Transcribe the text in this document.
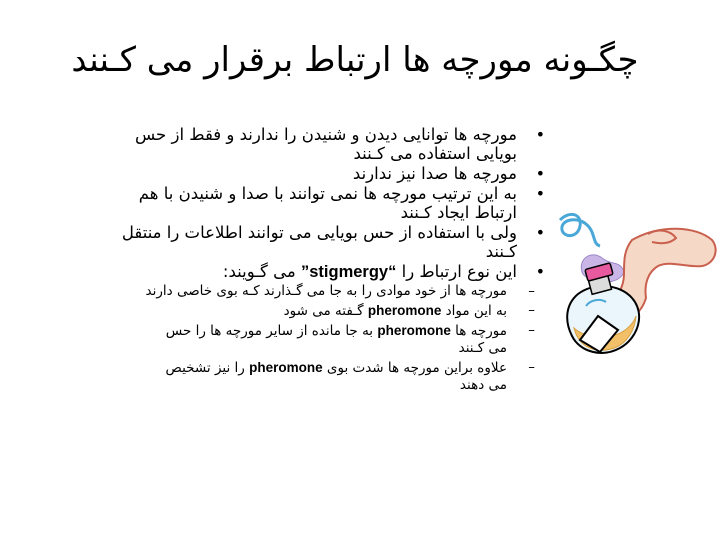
چگـونه مورچه ها ارتباط برقرار می کـنند
•
مورچه ها توانایی دیدن و شنیدن را ندارند و فقط از حس
بویایی استفاده می کـنند
•
مورچه ها صدا نیز ندارند
•
به این ترتیب مورچه ها نمی توانند با صدا و شنیدن با هم
ارتباط ایجاد کـنند
•
ولی با استفاده از حس بویایی می توانند اطلاعات را منتقل
کـنند
•
این نوع ارتباط را “stigmergy” می گـویند:
–
مورچه ها از خود موادی را به جا می گـذارند کـه بوی خاصی دارند
–
به این مواد pheromone گـفته می شود
–
مورچه ها pheromone به جا مانده از سایر مورچه ها را حس
می کـنند
–
علاوه براین مورچه ها شدت بوی pheromone را نیز تشخیص
می دهند
